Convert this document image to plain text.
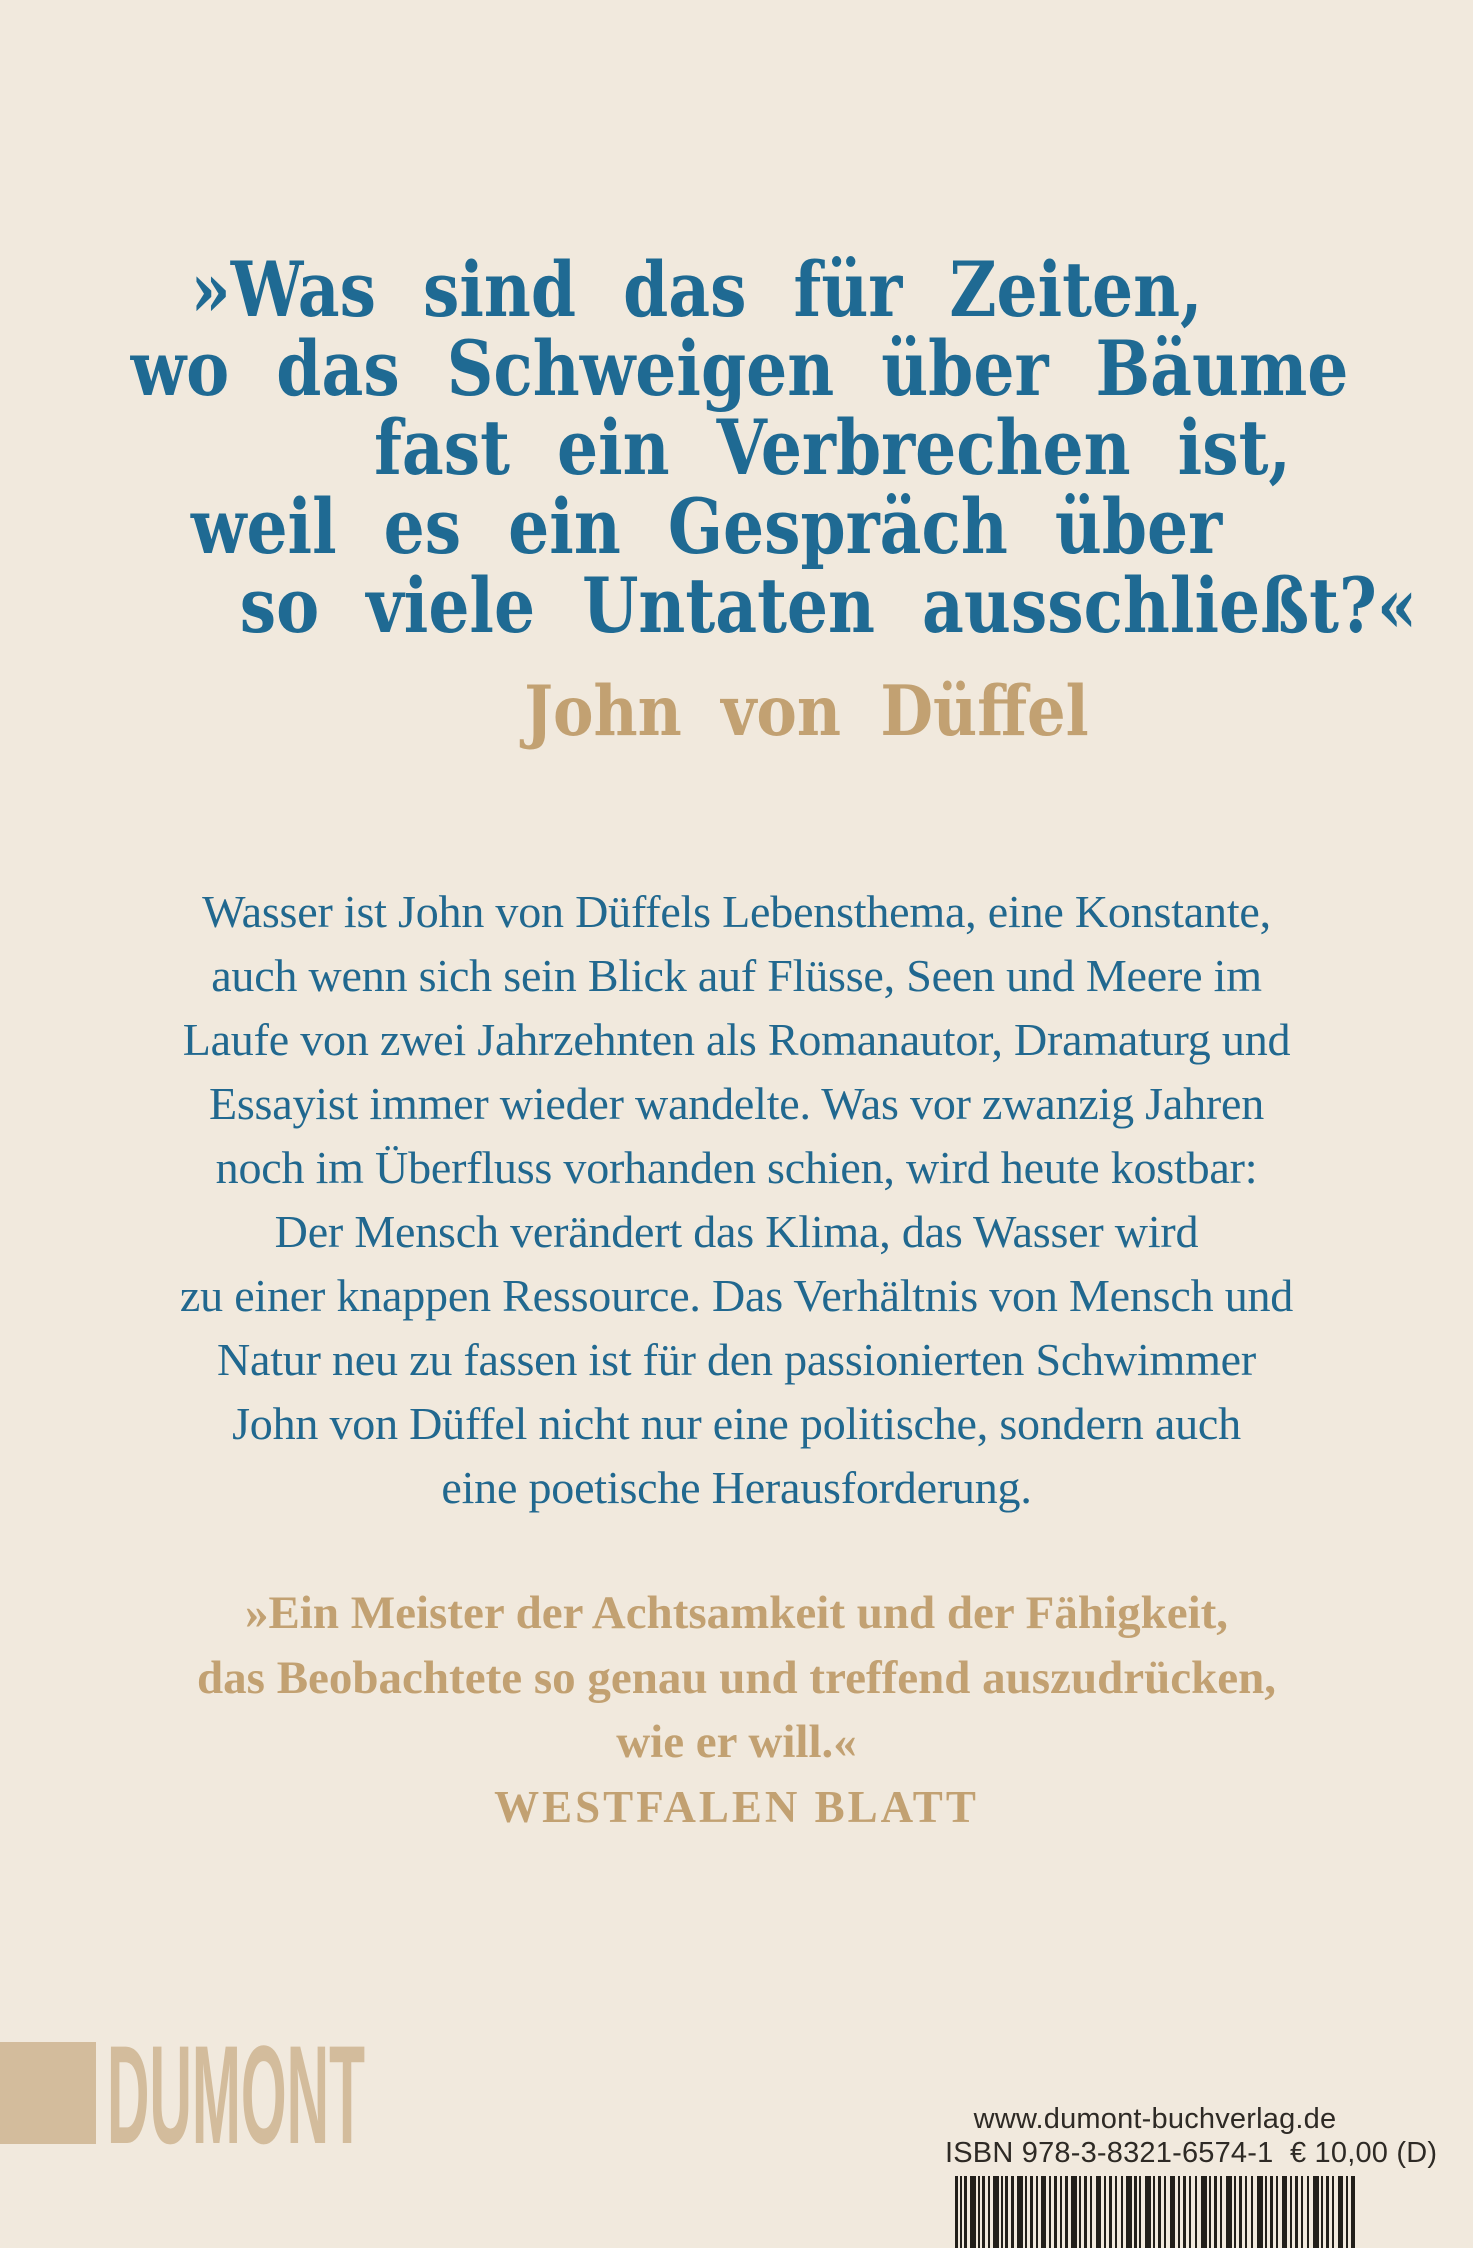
»Was sind das für Zeiten,
wo das Schweigen über Bäume
fast ein Verbrechen ist,
weil es ein Gespräch über
so viele Untaten ausschließt?«
John von Düffel
Wasser ist John von Düffels Lebensthema, eine Konstante,
auch wenn sich sein Blick auf Flüsse, Seen und Meere im
Laufe von zwei Jahrzehnten als Romanautor, Dramaturg und
Essayist immer wieder wandelte. Was vor zwanzig Jahren
noch im Überfluss vorhanden schien, wird heute kostbar:
Der Mensch verändert das Klima, das Wasser wird
zu einer knappen Ressource. Das Verhältnis von Mensch und
Natur neu zu fassen ist für den passionierten Schwimmer
John von Düffel nicht nur eine politische, sondern auch
eine poetische Herausforderung.
»Ein Meister der Achtsamkeit und der Fähigkeit,
das Beobachtete so genau und treffend auszudrücken,
wie er will.«
WESTFALEN BLATT
DUMONT	www.dumont-buchverlag.de
ISBN 978-3-8321-6574-1  € 10,00 (D)
